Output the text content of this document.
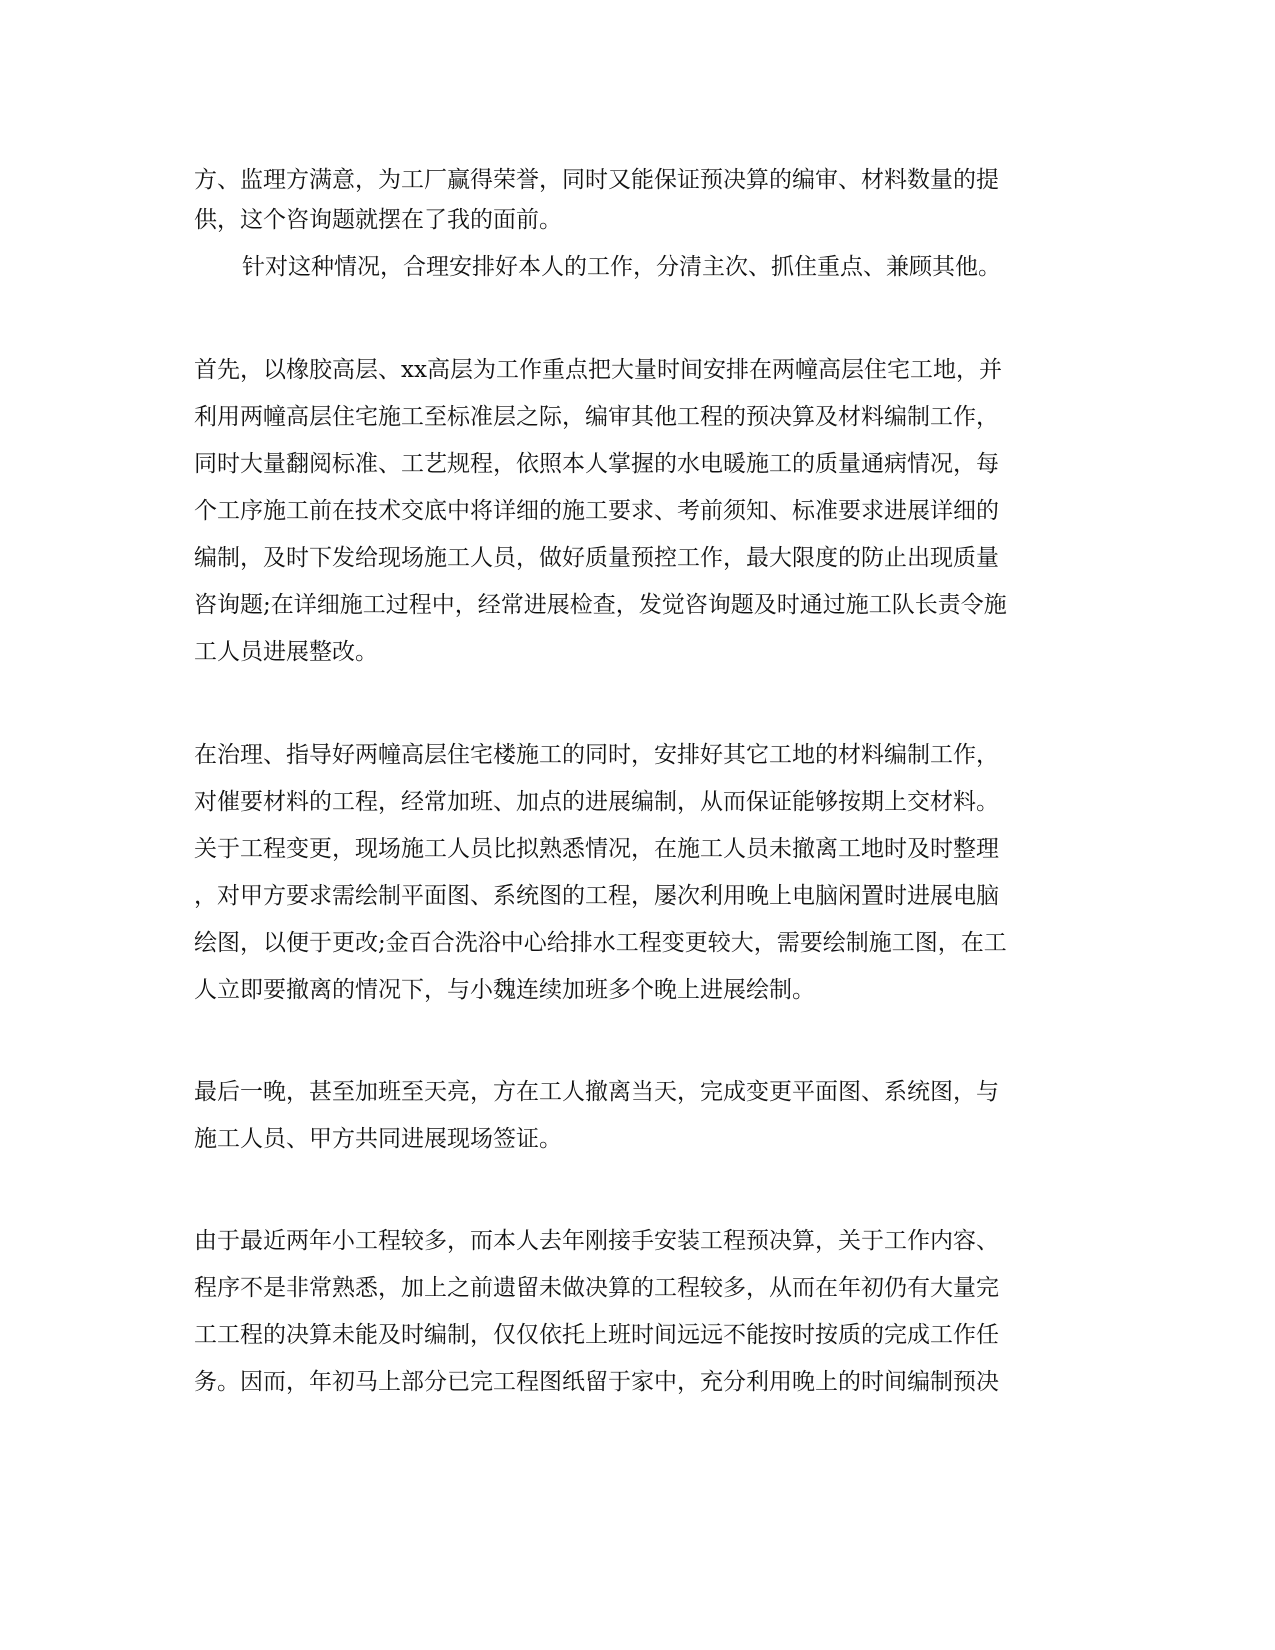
方、监理方满意，为工厂赢得荣誉，同时又能保证预决算的编审、材料数量的提

供，这个咨询题就摆在了我的面前。

针对这种情况，合理安排好本人的工作，分清主次、抓住重点、兼顾其他。

首先，以橡胶高层、xx高层为工作重点把大量时间安排在两幢高层住宅工地，并

利用两幢高层住宅施工至标准层之际，编审其他工程的预决算及材料编制工作，

同时大量翻阅标准、工艺规程，依照本人掌握的水电暖施工的质量通病情况，每

个工序施工前在技术交底中将详细的施工要求、考前须知、标准要求进展详细的

编制，及时下发给现场施工人员，做好质量预控工作，最大限度的防止出现质量

咨询题;在详细施工过程中，经常进展检查，发觉咨询题及时通过施工队长责令施

工人员进展整改。

在治理、指导好两幢高层住宅楼施工的同时，安排好其它工地的材料编制工作，

对催要材料的工程，经常加班、加点的进展编制，从而保证能够按期上交材料。

关于工程变更，现场施工人员比拟熟悉情况，在施工人员未撤离工地时及时整理

，对甲方要求需绘制平面图、系统图的工程，屡次利用晚上电脑闲置时进展电脑

绘图，以便于更改;金百合洗浴中心给排水工程变更较大，需要绘制施工图，在工

人立即要撤离的情况下，与小魏连续加班多个晚上进展绘制。

最后一晚，甚至加班至天亮，方在工人撤离当天，完成变更平面图、系统图，与

施工人员、甲方共同进展现场签证。

由于最近两年小工程较多，而本人去年刚接手安装工程预决算，关于工作内容、

程序不是非常熟悉，加上之前遗留未做决算的工程较多，从而在年初仍有大量完

工工程的决算未能及时编制，仅仅依托上班时间远远不能按时按质的完成工作任

务。因而，年初马上部分已完工程图纸留于家中，充分利用晚上的时间编制预决
